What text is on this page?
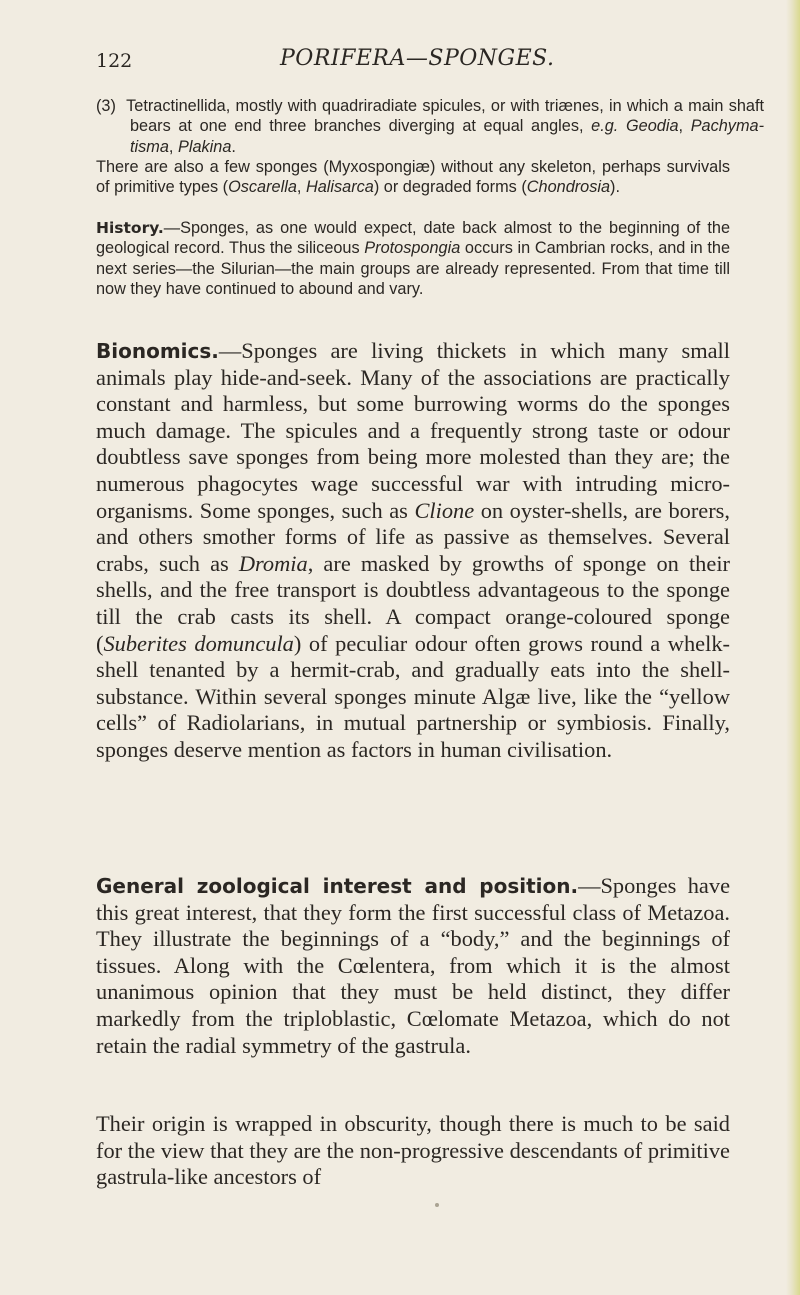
122	PORIFERA—SPONGES.
(3) Tetractinellida, mostly with quadriradiate spicules, or with triænes, in which a main shaft bears at one end three branches diverging at equal angles, e.g. Geodia, Pachymatisma, Plakina.
There are also a few sponges (Myxospongiæ) without any skeleton, perhaps survivals of primitive types (Oscarella, Halisarca) or degraded forms (Chondrosia).
History.—Sponges, as one would expect, date back almost to the beginning of the geological record. Thus the siliceous Protospongia occurs in Cambrian rocks, and in the next series—the Silurian—the main groups are already represented. From that time till now they have continued to abound and vary.
Bionomics.—Sponges are living thickets in which many small animals play hide-and-seek. Many of the associations are practically constant and harmless, but some burrowing worms do the sponges much damage. The spicules and a frequently strong taste or odour doubtless save sponges from being more molested than they are; the numerous phagocytes wage successful war with intruding micro-organisms. Some sponges, such as Clione on oyster-shells, are borers, and others smother forms of life as passive as themselves. Several crabs, such as Dromia, are masked by growths of sponge on their shells, and the free transport is doubtless advantageous to the sponge till the crab casts its shell. A compact orange-coloured sponge (Suberites domuncula) of peculiar odour often grows round a whelk-shell tenanted by a hermit-crab, and gradually eats into the shell-substance. Within several sponges minute Algæ live, like the “yellow cells” of Radiolarians, in mutual partnership or symbiosis. Finally, sponges deserve mention as factors in human civilisation.
General zoological interest and position.—Sponges have this great interest, that they form the first successful class of Metazoa. They illustrate the beginnings of a “body,” and the beginnings of tissues. Along with the Cœlentera, from which it is the almost unanimous opinion that they must be held distinct, they differ markedly from the triploblastic, Cœlomate Metazoa, which do not retain the radial symmetry of the gastrula.
Their origin is wrapped in obscurity, though there is much to be said for the view that they are the non-progressive descendants of primitive gastrula-like ancestors of
